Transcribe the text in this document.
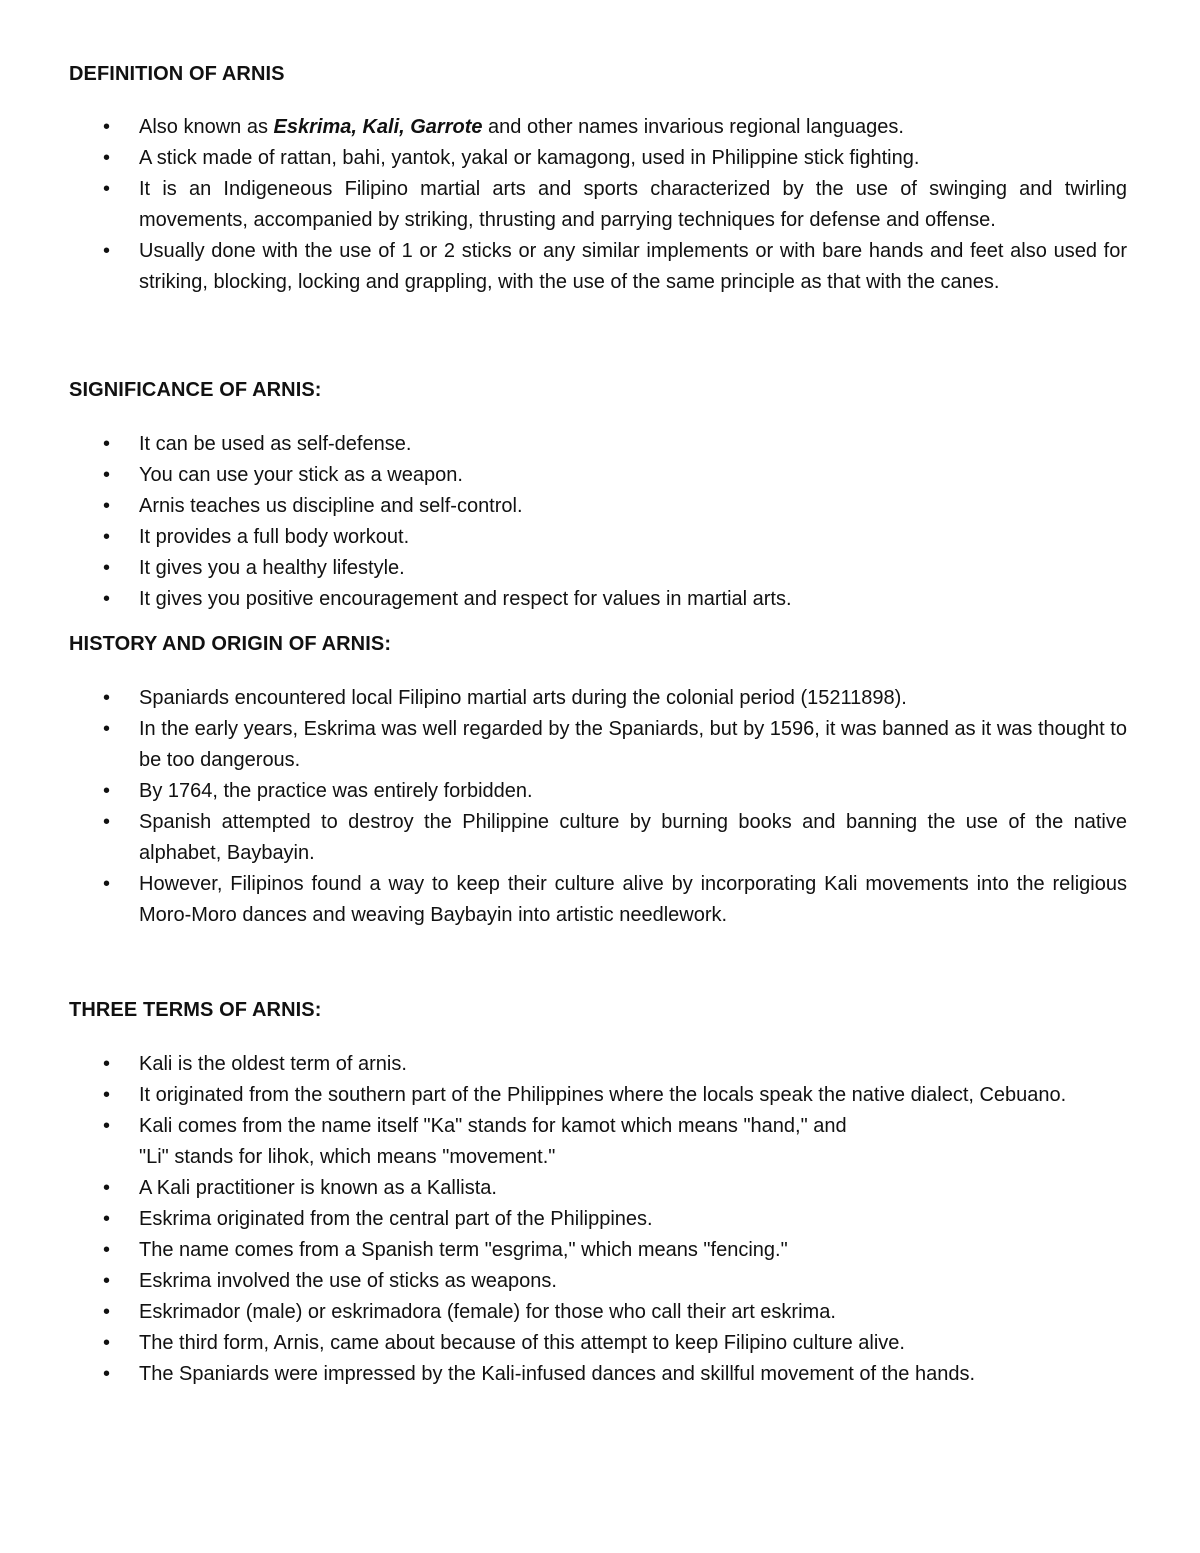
DEFINITION OF ARNIS

• Also known as Eskrima, Kali, Garrote and other names invarious regional languages.
• A stick made of rattan, bahi, yantok, yakal or kamagong, used in Philippine stick fighting.
• It is an Indigeneous Filipino martial arts and sports characterized by the use of swinging and twirling movements, accompanied by striking, thrusting and parrying techniques for defense and offense.
• Usually done with the use of 1 or 2 sticks or any similar implements or with bare hands and feet also used for striking, blocking, locking and grappling, with the use of the same principle as that with the canes.

SIGNIFICANCE OF ARNIS:

• It can be used as self-defense.
• You can use your stick as a weapon.
• Arnis teaches us discipline and self-control.
• It provides a full body workout.
• It gives you a healthy lifestyle.
• It gives you positive encouragement and respect for values in martial arts.

HISTORY AND ORIGIN OF ARNIS:

• Spaniards encountered local Filipino martial arts during the colonial period (15211898).
• In the early years, Eskrima was well regarded by the Spaniards, but by 1596, it was banned as it was thought to be too dangerous.
• By 1764, the practice was entirely forbidden.
• Spanish attempted to destroy the Philippine culture by burning books and banning the use of the native alphabet, Baybayin.
• However, Filipinos found a way to keep their culture alive by incorporating Kali movements into the religious Moro-Moro dances and weaving Baybayin into artistic needlework.

THREE TERMS OF ARNIS:

• Kali is the oldest term of arnis.
• It originated from the southern part of the Philippines where the locals speak the native dialect, Cebuano.
• Kali comes from the name itself "Ka" stands for kamot which means "hand," and
"Li" stands for lihok, which means "movement."
• A Kali practitioner is known as a Kallista.
• Eskrima originated from the central part of the Philippines.
• The name comes from a Spanish term "esgrima," which means "fencing."
• Eskrima involved the use of sticks as weapons.
• Eskrimador (male) or eskrimadora (female) for those who call their art eskrima.
• The third form, Arnis, came about because of this attempt to keep Filipino culture alive.
• The Spaniards were impressed by the Kali-infused dances and skillful movement of the hands.
